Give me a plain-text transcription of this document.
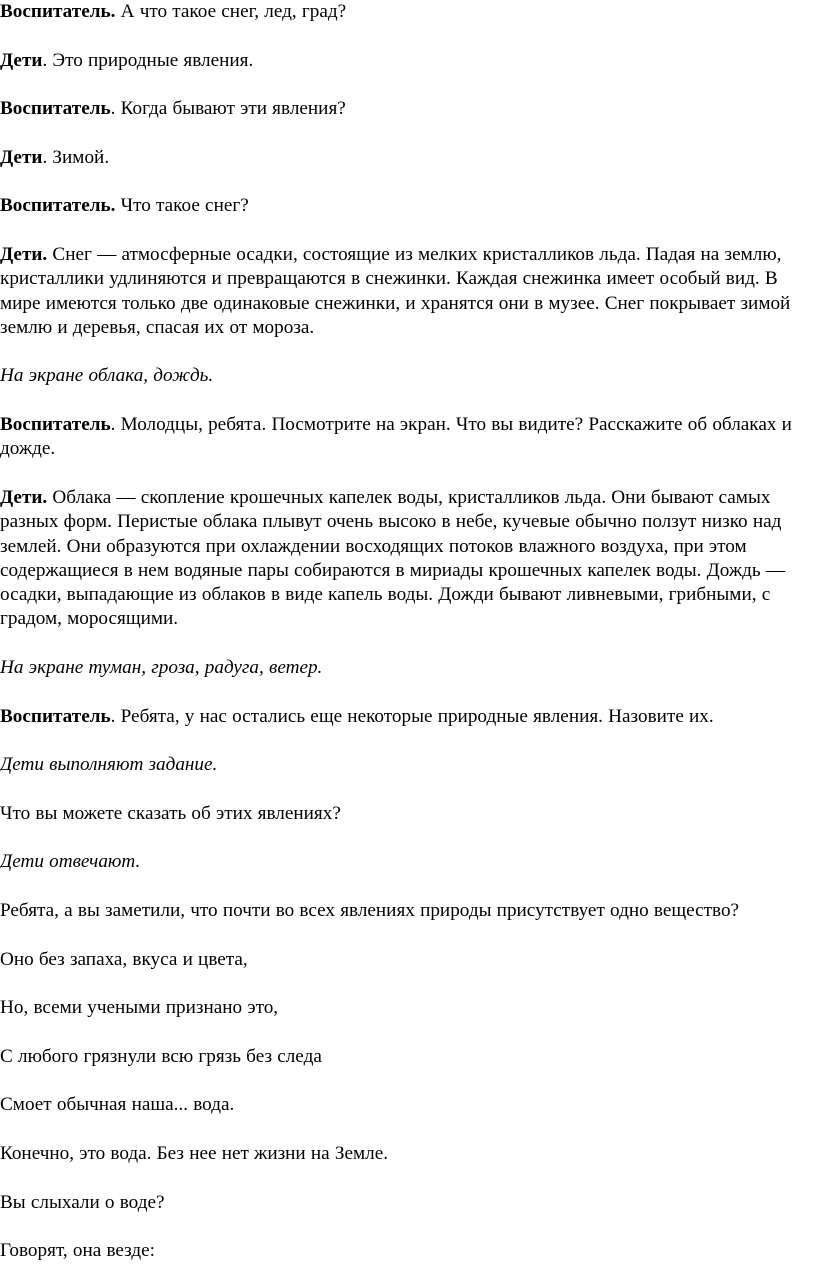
Воспитатель. А что такое снег, лед, град?

Дети. Это природные явления.

Воспитатель. Когда бывают эти явления?

Дети. Зимой.

Воспитатель. Что такое снег?

Дети. Снег — атмосферные осадки, состоящие из мелких кристалликов льда. Падая на землю, кристаллики удлиняются и превращаются в снежинки. Каждая снежинка имеет особый вид. В мире имеются только две одинаковые снежинки, и хранятся они в музее. Снег покрывает зимой землю и деревья, спасая их от мороза.

На экране облака, дождь.

Воспитатель. Молодцы, ребята. Посмотрите на экран. Что вы видите? Расскажите об облаках и дожде.

Дети. Облака — скопление крошечных капелек воды, кристалликов льда. Они бывают самых разных форм. Перистые облака плывут очень высоко в небе, кучевые обычно ползут низко над землей. Они образуются при охлаждении восходящих потоков влажного воздуха, при этом содержащиеся в нем водяные пары собираются в мириады крошечных капелек воды. Дождь — осадки, выпадающие из облаков в виде капель воды. Дожди бывают ливневыми, грибными, с градом, моросящими.

На экране туман, гроза, радуга, ветер.

Воспитатель. Ребята, у нас остались еще некоторые природные явления. Назовите их.

Дети выполняют задание.

Что вы можете сказать об этих явлениях?

Дети отвечают.

Ребята, а вы заметили, что почти во всех явлениях природы присутствует одно вещество?

Оно без запаха, вкуса и цвета,

Но, всеми учеными признано это,

С любого грязнули всю грязь без следа

Смоет обычная наша... вода.

Конечно, это вода. Без нее нет жизни на Земле.

Вы слыхали о воде?

Говорят, она везде:
